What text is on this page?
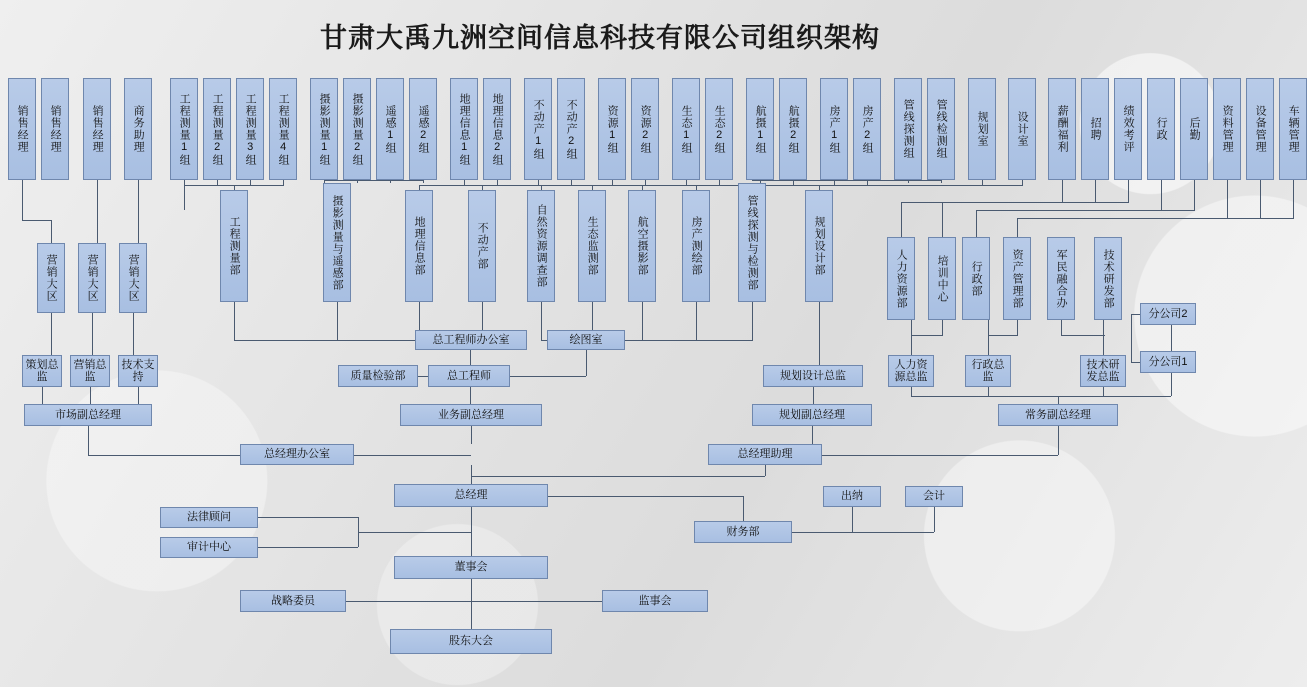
甘肃大禹九洲空间信息科技有限公司组织架构
销售经理	销售经理	销售经理	商务助理	工程测量1组	工程测量2组	工程测量3组	工程测量4组	摄影测量1组	摄影测量2组	遥感1组	遥感2组	地理信息1组	地理信息2组	不动产1组	不动产2组	资源1组	资源2组	生态1组	生态2组	航摄1组	航摄2组	房产1组	房产2组	管线探测组	管线检测组	规划室	设计室	薪酬福利	招聘	绩效考评	行政	后勤	资料管理	设备管理	车辆管理
工程测量部	摄影测量与遥感部	地理信息部	不动产部	自然资源调查部	生态监测部	航空摄影部	房产测绘部	管线探测与检测部	规划设计部
营销大区	营销大区	营销大区	人力资源部	培训中心	行政部	资产管理部	军民融合办	技术研发部
分公司2
分公司1
总工程师办公室	绘图室
策划总监
营销总监
技术支持
人力资源总监
行政总监
技术研发总监
质量检验部	总工程师	规划设计总监
市场副总经理	业务副总经理	规划副总经理	常务副总经理
总经理办公室	总经理助理
法律顾问
审计中心
总经理
财务部
出纳	会计
董事会
战略委员	监事会
股东大会
